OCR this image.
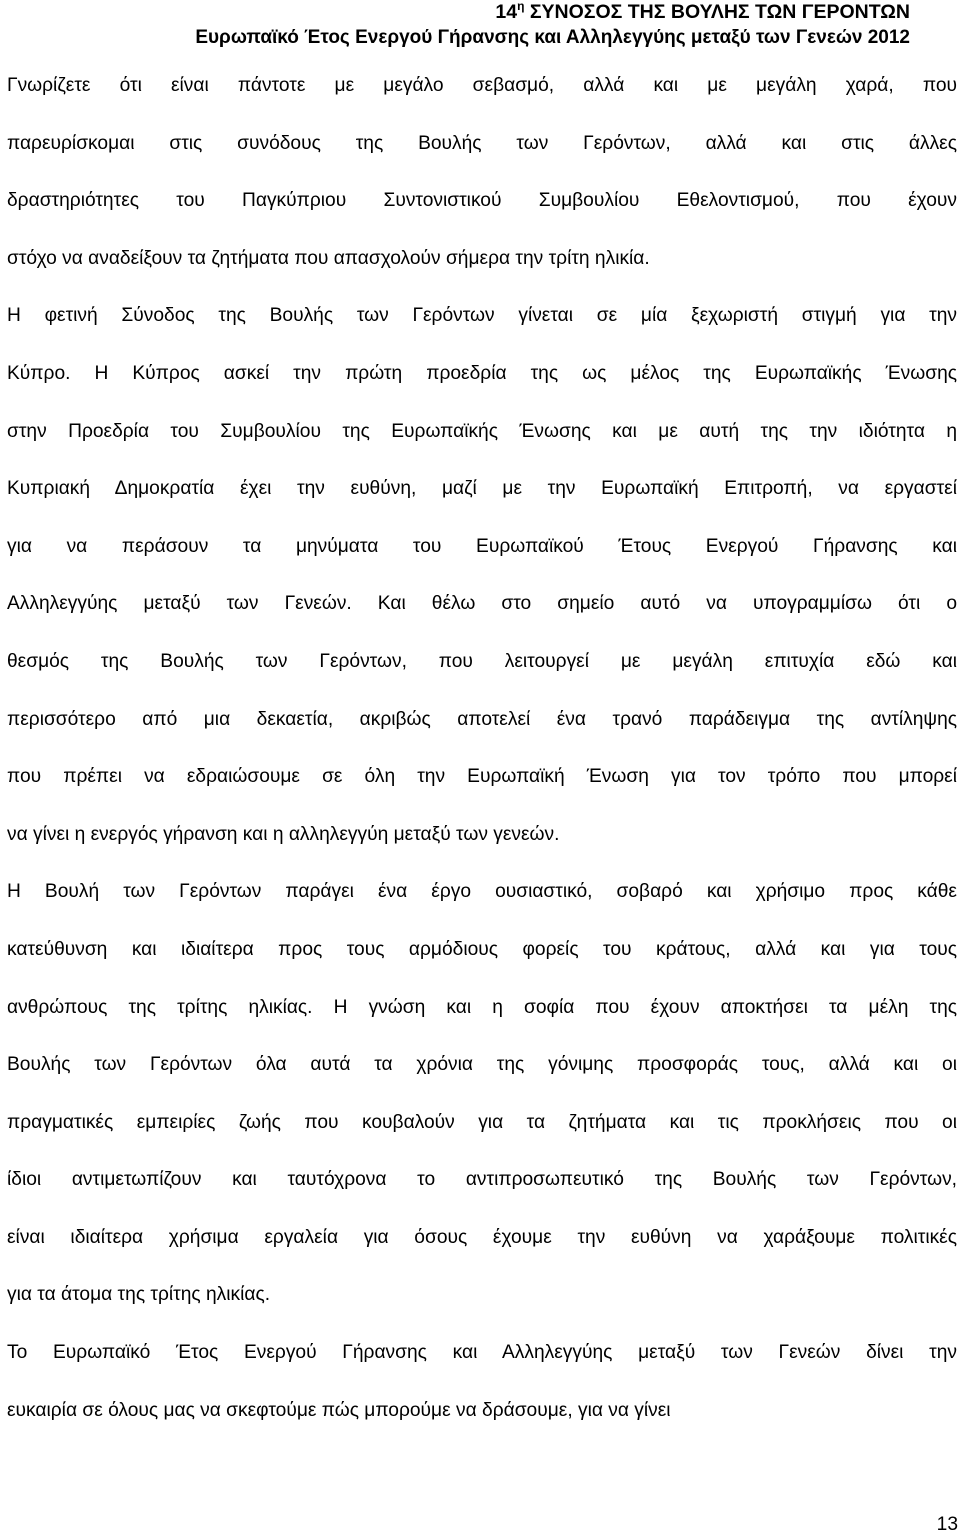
$14^\eta$ ΣΥΝΟΣΟΣ ΤΗΣ ΒΟΥΛΗΣ ΤΩΝ ΓΕΡΟΝΤΩΝ
Ευρωπαϊκό Έτος Ενεργού Γήρανσης και Αλληλεγγύης μεταξύ των Γενεών 2012
Γνωρίζετε ότι είναι πάντοτε με μεγάλο σεβασμό, αλλά και με μεγάλη χαρά, που
παρευρίσκομαι στις συνόδους της Βουλής των Γερόντων, αλλά και στις άλλες
δραστηριότητες του Παγκύπριου Συντονιστικού Συμβουλίου Εθελοντισμού, που έχουν
στόχο να αναδείξουν τα ζητήματα που απασχολούν σήμερα την τρίτη ηλικία.
Η φετινή Σύνοδος της Βουλής των Γερόντων γίνεται σε μία ξεχωριστή στιγμή για την
Κύπρο. Η Κύπρος ασκεί την πρώτη προεδρία της ως μέλος της Ευρωπαϊκής Ένωσης
στην Προεδρία του Συμβουλίου της Ευρωπαϊκής Ένωσης και με αυτή της την ιδιότητα η
Κυπριακή Δημοκρατία έχει την ευθύνη, μαζί με την Ευρωπαϊκή Επιτροπή, να εργαστεί
για να περάσουν τα μηνύματα του Ευρωπαϊκού Έτους Ενεργού Γήρανσης και
Αλληλεγγύης μεταξύ των Γενεών. Και θέλω στο σημείο αυτό να υπογραμμίσω ότι ο
θεσμός της Βουλής των Γερόντων, που λειτουργεί με μεγάλη επιτυχία εδώ και
περισσότερο από μια δεκαετία, ακριβώς αποτελεί ένα τρανό παράδειγμα της αντίληψης
που πρέπει να εδραιώσουμε σε όλη την Ευρωπαϊκή Ένωση για τον τρόπο που μπορεί
να γίνει η ενεργός γήρανση και η αλληλεγγύη μεταξύ των γενεών.
Η Βουλή των Γερόντων παράγει ένα έργο ουσιαστικό, σοβαρό και χρήσιμο προς κάθε
κατεύθυνση και ιδιαίτερα προς τους αρμόδιους φορείς του κράτους, αλλά και για τους
ανθρώπους της τρίτης ηλικίας. Η γνώση και η σοφία που έχουν αποκτήσει τα μέλη της
Βουλής των Γερόντων όλα αυτά τα χρόνια της γόνιμης προσφοράς τους, αλλά και οι
πραγματικές εμπειρίες ζωής που κουβαλούν για τα ζητήματα και τις προκλήσεις που οι
ίδιοι αντιμετωπίζουν και ταυτόχρονα το αντιπροσωπευτικό της Βουλής των Γερόντων,
είναι ιδιαίτερα χρήσιμα εργαλεία για όσους έχουμε την ευθύνη να χαράξουμε πολιτικές
για τα άτομα της τρίτης ηλικίας.
Το Ευρωπαϊκό Έτος Ενεργού Γήρανσης και Αλληλεγγύης μεταξύ των Γενεών δίνει την
ευκαιρία σε όλους μας να σκεφτούμε πώς μπορούμε να δράσουμε, για να γίνει
13
